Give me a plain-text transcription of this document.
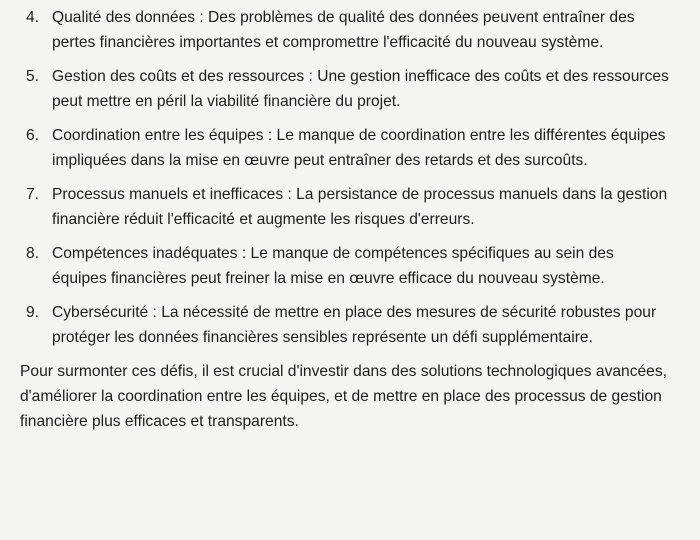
4. Qualité des données : Des problèmes de qualité des données peuvent entraîner des pertes financières importantes et compromettre l'efficacité du nouveau système.
5. Gestion des coûts et des ressources : Une gestion inefficace des coûts et des ressources peut mettre en péril la viabilité financière du projet.
6. Coordination entre les équipes : Le manque de coordination entre les différentes équipes impliquées dans la mise en œuvre peut entraîner des retards et des surcoûts.
7. Processus manuels et inefficaces : La persistance de processus manuels dans la gestion financière réduit l'efficacité et augmente les risques d'erreurs.
8. Compétences inadéquates : Le manque de compétences spécifiques au sein des équipes financières peut freiner la mise en œuvre efficace du nouveau système.
9. Cybersécurité : La nécessité de mettre en place des mesures de sécurité robustes pour protéger les données financières sensibles représente un défi supplémentaire.

Pour surmonter ces défis, il est crucial d'investir dans des solutions technologiques avancées, d'améliorer la coordination entre les équipes, et de mettre en place des processus de gestion financière plus efficaces et transparents.
